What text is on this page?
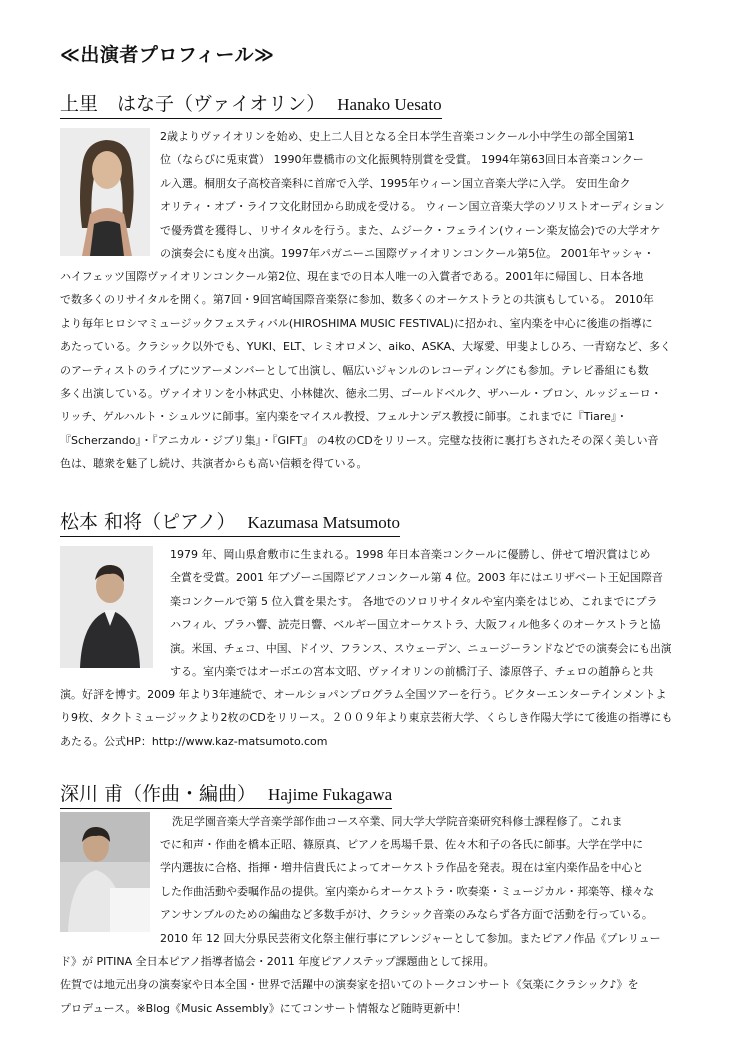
≪出演者プロフィール≫
上里　はな子（ヴァイオリン） Hanako Uesato
2歳よりヴァイオリンを始め、史上二人目となる全日本学生音楽コンクール小中学生の部全国第1
位（ならびに兎束賞） 1990年豊橋市の文化振興特別賞を受賞。 1994年第63回日本音楽コンクー
ル入選。桐朋女子高校音楽科に首席で入学、1995年ウィーン国立音楽大学に入学。 安田生命ク
オリティ・オブ・ライフ文化財団から助成を受ける。 ウィーン国立音楽大学のソリストオーディション
で優秀賞を獲得し、リサイタルを行う。また、ムジーク・フェライン(ウィーン楽友協会)での大学オケ
の演奏会にも度々出演。1997年パガニーニ国際ヴァイオリンコンクール第5位。 2001年ヤッシャ・
ハイフェッツ国際ヴァイオリンコンクール第2位、現在までの日本人唯一の入賞者である。2001年に帰国し、日本各地
で数多くのリサイタルを開く。第7回・9回宮崎国際音楽祭に参加、数多くのオーケストラとの共演もしている。 2010年
より毎年ヒロシマミュージックフェスティバル(HIROSHIMA MUSIC FESTIVAL)に招かれ、室内楽を中心に後進の指導に
あたっている。クラシック以外でも、YUKI、ELT、レミオロメン、aiko、ASKA、大塚愛、甲斐よしひろ、一青窈など、多く
のアーティストのライブにツアーメンバーとして出演し、幅広いジャンルのレコーディングにも参加。テレビ番組にも数
多く出演している。ヴァイオリンを小林武史、小林健次、徳永二男、ゴールドベルク、ザハール・ブロン、ルッジェーロ・
リッチ、ゲルハルト・シュルツに師事。室内楽をマイスル教授、フェルナンデス教授に師事。これまでに『Tiare』・
『Scherzando』・『アニカル・ジブリ集』・『GIFT』 の4枚のCDをリリース。完璧な技術に裏打ちされたその深く美しい音
色は、聴衆を魅了し続け、共演者からも高い信頼を得ている。
松本 和将（ピアノ） Kazumasa Matsumoto
1979 年、岡山県倉敷市に生まれる。1998 年日本音楽コンクールに優勝し、併せて増沢賞はじめ
全賞を受賞。2001 年ブゾーニ国際ピアノコンクール第 4 位。2003 年にはエリザベート王妃国際音
楽コンクールで第 5 位入賞を果たす。 各地でのソロリサイタルや室内楽をはじめ、これまでにプラ
ハフィル、プラハ響、読売日響、ベルギー国立オーケストラ、大阪フィル他多くのオーケストラと協
演。米国、チェコ、中国、ドイツ、フランス、スウェーデン、ニュージーランドなどでの演奏会にも出演
する。室内楽ではオーボエの宮本文昭、ヴァイオリンの前橋汀子、漆原啓子、チェロの趙静らと共
演。好評を博す。2009 年より3年連続で、オールショパンプログラム全国ツアーを行う。ビクターエンターテインメントよ
り9枚、タクトミュージックより2枚のCDをリリース。２００９年より東京芸術大学、くらしき作陽大学にて後進の指導にも
あたる。公式HP：http://www.kaz-matsumoto.com
深川 甫（作曲・編曲） Hajime Fukagawa
洗足学園音楽大学音楽学部作曲コース卒業、同大学大学院音楽研究科修士課程修了。これま
でに和声・作曲を橋本正昭、篠原真、ピアノを馬場千景、佐々木和子の各氏に師事。大学在学中に
学内選抜に合格、指揮・増井信貴氏によってオーケストラ作品を発表。現在は室内楽作品を中心と
した作曲活動や委嘱作品の提供。室内楽からオーケストラ・吹奏楽・ミュージカル・邦楽等、様々な
アンサンブルのための編曲など多数手がけ、クラシック音楽のみならず各方面で活動を行っている。
2010 年 12 回大分県民芸術文化祭主催行事にアレンジャーとして参加。またピアノ作品《プレリュー
ド》が PITINA 全日本ピアノ指導者協会・2011 年度ピアノステップ課題曲として採用。
佐賀では地元出身の演奏家や日本全国・世界で活躍中の演奏家を招いてのトークコンサート《気楽にクラシック♪》を
プロデュース。※Blog《Music Assembly》にてコンサート情報など随時更新中！
